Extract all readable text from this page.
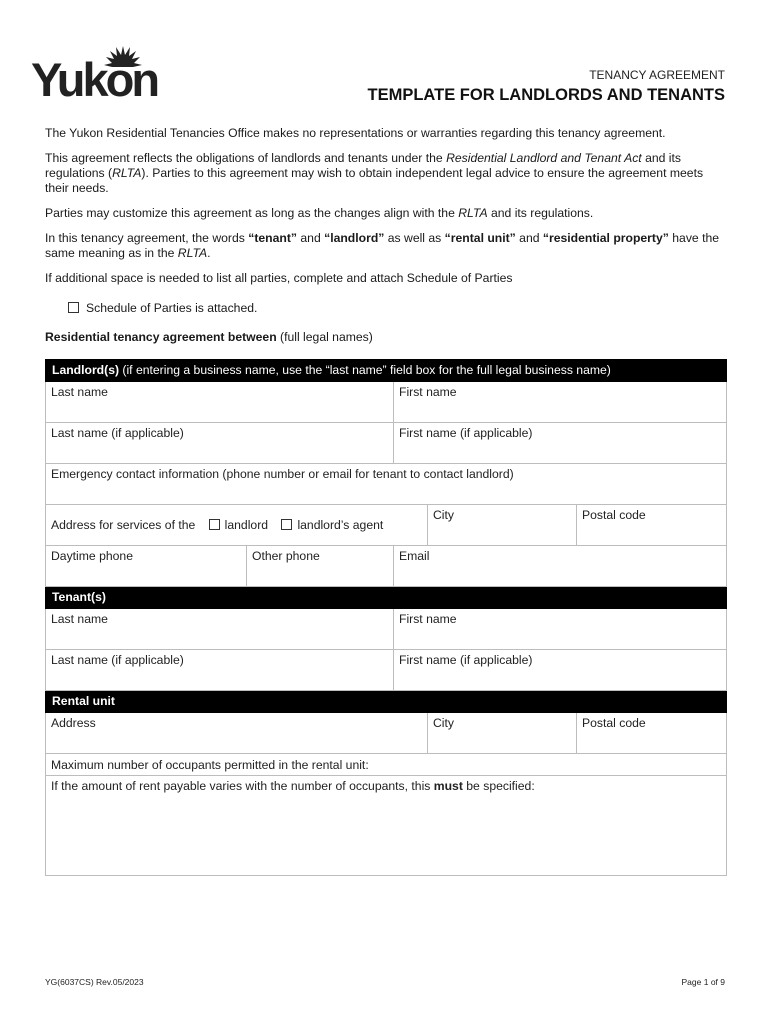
Yukon	TENANCY AGREEMENT
TEMPLATE FOR LANDLORDS AND TENANTS

The Yukon Residential Tenancies Office makes no representations or warranties regarding this tenancy agreement.

This agreement reflects the obligations of landlords and tenants under the Residential Landlord and Tenant Act and its regulations (RLTA). Parties to this agreement may wish to obtain independent legal advice to ensure the agreement meets their needs.

Parties may customize this agreement as long as the changes align with the RLTA and its regulations.

In this tenancy agreement, the words “tenant” and “landlord” as well as “rental unit” and “residential property” have the same meaning as in the RLTA.

If additional space is needed to list all parties, complete and attach Schedule of Parties

Schedule of Parties is attached.
Residential tenancy agreement between (full legal names)
Landlord(s) (if entering a business name, use the “last name” field box for the full legal business name)				
Last name		First name		
Last name (if applicable)		First name (if applicable)		
Emergency contact information (phone number or email for tenant to contact landlord)				
Address for services of the landlord landlord’s agent			City	Postal code
Daytime phone	Other phone	Email		
Tenant(s)				
Last name		First name		
Last name (if applicable)		First name (if applicable)		
Rental unit				
Address			City	Postal code
Maximum number of occupants permitted in the rental unit:				
If the amount of rent payable varies with the number of occupants, this must be specified:				
YG(6037CS) Rev.05/2023	Page 1 of 9
